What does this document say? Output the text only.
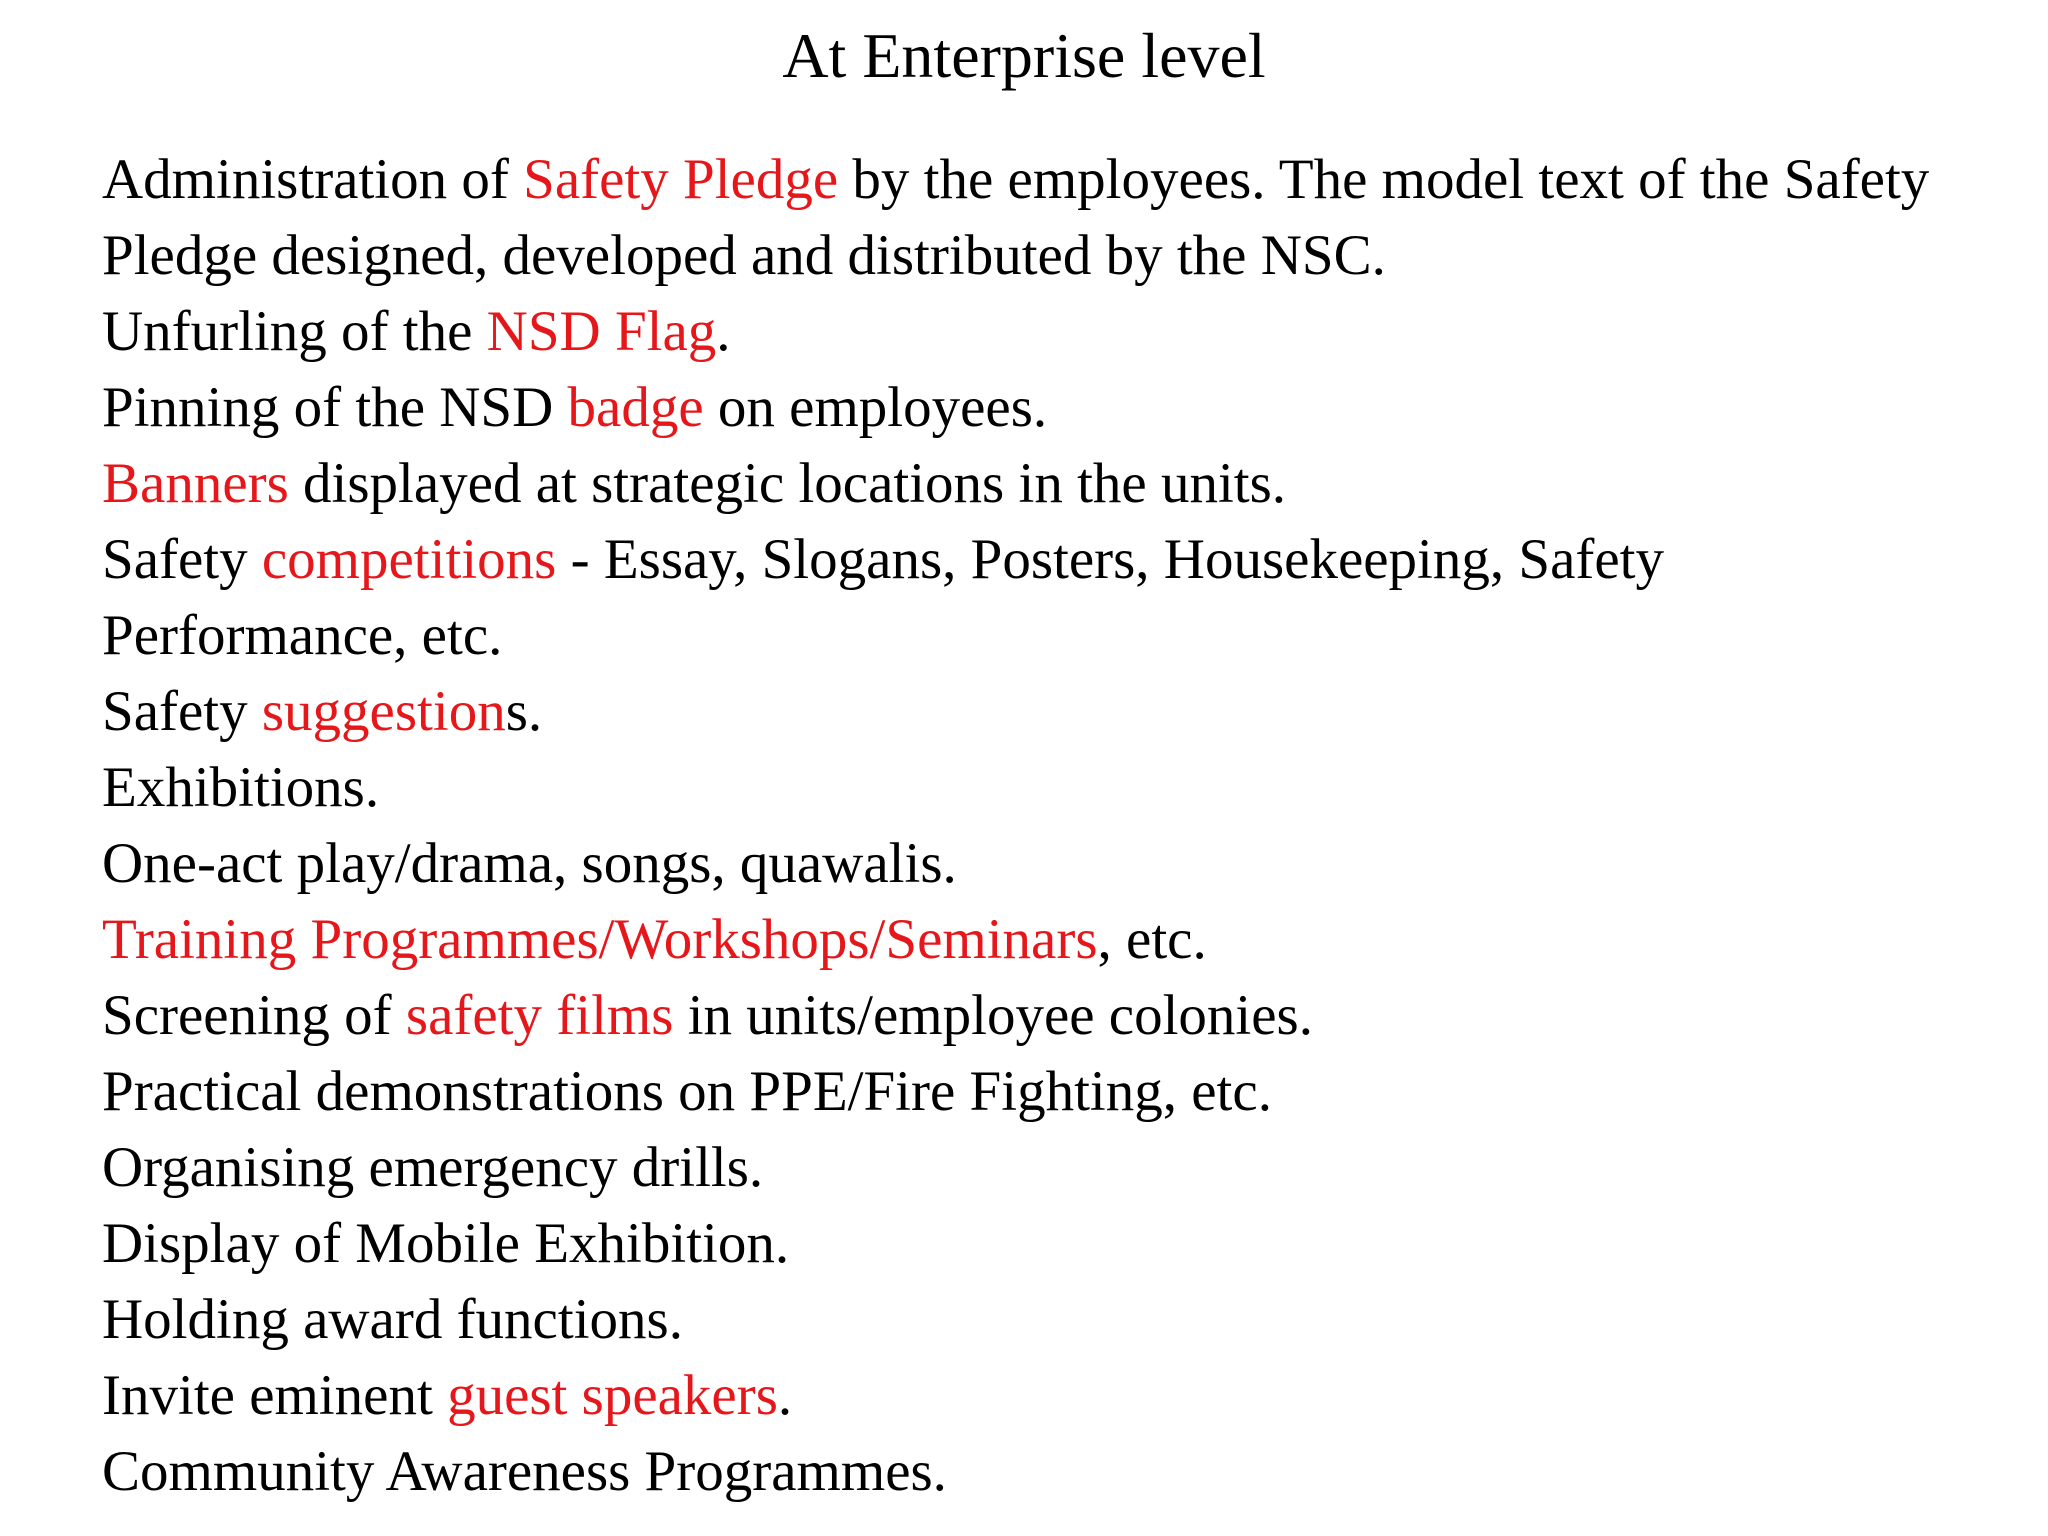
At Enterprise level
Administration of Safety Pledge by the employees. The model text of the Safety Pledge designed, developed and distributed by the NSC.
Unfurling of the NSD Flag.
Pinning of the NSD badge on employees.
Banners displayed at strategic locations in the units.
Safety competitions - Essay, Slogans, Posters, Housekeeping, Safety Performance, etc.
Safety suggestions.
Exhibitions.
One-act play/drama, songs, quawalis.
Training Programmes/Workshops/Seminars, etc.
Screening of safety films in units/employee colonies.
Practical demonstrations on PPE/Fire Fighting, etc.
Organising emergency drills.
Display of Mobile Exhibition.
Holding award functions.
Invite eminent guest speakers.
Community Awareness Programmes.
